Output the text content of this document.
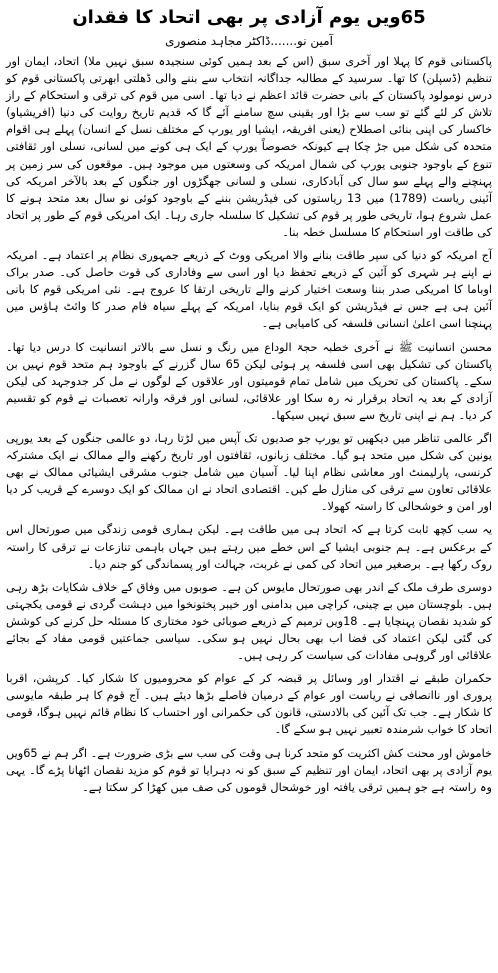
65ویں یوم آزادی پر بھی اتحاد کا فقدان
آمین نو.......ڈاکٹر مجاہد منصوری

پاکستانی قوم کا پہلا اور آخری سبق (اس کے بعد ہمیں کوئی سنجیدہ سبق نہیں ملا) اتحاد، ایمان اور تنظیم (ڈسپلن) کا تھا۔ سرسید کے مطالبہ جداگانہ انتخاب سے بننے والی ڈھلتی ابھرتی پاکستانی قوم کو درس نومولود پاکستان کے بانی حضرت قائد اعظم نے دیا تھا۔ اسی میں قوم کی ترقی و استحکام کے راز تلاش کر لئے گئے تو سب سے بڑا اور یقینی سچ سامنے آئے گا کہ قدیم تاریخ روایت کی دنیا (افریشیاو) خاکسار کی اپنی بنائی اصطلاح (یعنی افریقہ، ایشیا اور یورپ کے مختلف نسل کے انسان) پہلے ہی اقوام متحدہ کی شکل میں جڑ چکا ہے کیونکہ خصوصاً یورپ کے ایک ہی کونے میں لسانی، نسلی اور ثقافتی تنوع کے باوجود جنوبی یورپ کی شمال امریکہ کی وسعتوں میں موجود ہیں۔ موقعوں کی سر زمین پر پہنچنے والے پہلے سو سال کی آبادکاری، نسلی و لسانی جھگڑوں اور جنگوں کے بعد بالآخر امریکہ کی آئینی ریاست (1789) میں 13 ریاستوں کی فیڈریشن بننے کے باوجود کوئی نو سال بعد متحد ہونے کا عمل شروع ہوا، تاریخی طور پر قوم کی تشکیل کا سلسلہ جاری رہا۔ ایک امریکی قوم کے طور پر اتحاد کی طاقت اور استحکام کا مسلسل خطہ بنا۔

آج امریکہ کو دنیا کی سپر طاقت بنانے والا امریکی ووٹ کے ذریعے جمہوری نظام پر اعتماد ہے۔ امریکہ نے اپنے ہر شہری کو آئین کے ذریعے تحفظ دیا اور اسی سے وفاداری کی قوت حاصل کی۔ صدر براک اوباما کا امریکی صدر بننا وسعت اختیار کرنے والے تاریخی ارتقا کا عروج ہے۔ نئی امریکی قوم کا بانی آئین ہی ہے جس نے فیڈریشن کو ایک قوم بنایا، امریکہ کے پہلے سیاہ فام صدر کا وائٹ ہاؤس میں پہنچنا اسی اعلیٰ انسانی فلسفہ کی کامیابی ہے۔

محسن انسانیت ﷺ نے آخری خطبہ حجۃ الوداع میں رنگ و نسل سے بالاتر انسانیت کا درس دیا تھا۔ پاکستان کی تشکیل بھی اسی فلسفہ پر ہوئی لیکن 65 سال گزرنے کے باوجود ہم متحد قوم نہیں بن سکے۔ پاکستان کی تحریک میں شامل تمام قومیتوں اور علاقوں کے لوگوں نے مل کر جدوجہد کی لیکن آزادی کے بعد یہ اتحاد برقرار نہ رہ سکا اور علاقائی، لسانی اور فرقہ وارانہ تعصبات نے قوم کو تقسیم کر دیا۔ ہم نے اپنی تاریخ سے سبق نہیں سیکھا۔

اگر عالمی تناظر میں دیکھیں تو یورپ جو صدیوں تک آپس میں لڑتا رہا، دو عالمی جنگوں کے بعد یورپی یونین کی شکل میں متحد ہو گیا۔ مختلف زبانوں، ثقافتوں اور تاریخ رکھنے والے ممالک نے ایک مشترکہ کرنسی، پارلیمنٹ اور معاشی نظام اپنا لیا۔ آسیان میں شامل جنوب مشرقی ایشیائی ممالک نے بھی علاقائی تعاون سے ترقی کی منازل طے کیں۔ اقتصادی اتحاد نے ان ممالک کو ایک دوسرے کے قریب کر دیا اور امن و خوشحالی کا راستہ کھولا۔

یہ سب کچھ ثابت کرتا ہے کہ اتحاد ہی میں طاقت ہے۔ لیکن ہماری قومی زندگی میں صورتحال اس کے برعکس ہے۔ ہم جنوبی ایشیا کے اس خطے میں رہتے ہیں جہاں باہمی تنازعات نے ترقی کا راستہ روک رکھا ہے۔ برصغیر میں اتحاد کی کمی نے غربت، جہالت اور پسماندگی کو جنم دیا۔

دوسری طرف ملک کے اندر بھی صورتحال مایوس کن ہے۔ صوبوں میں وفاق کے خلاف شکایات بڑھ رہی ہیں۔ بلوچستان میں بے چینی، کراچی میں بدامنی اور خیبر پختونخوا میں دہشت گردی نے قومی یکجہتی کو شدید نقصان پہنچایا ہے۔ 18ویں ترمیم کے ذریعے صوبائی خود مختاری کا مسئلہ حل کرنے کی کوشش کی گئی لیکن اعتماد کی فضا اب بھی بحال نہیں ہو سکی۔ سیاسی جماعتیں قومی مفاد کے بجائے علاقائی اور گروہی مفادات کی سیاست کر رہی ہیں۔

حکمران طبقے نے اقتدار اور وسائل پر قبضہ کر کے عوام کو محرومیوں کا شکار کیا۔ کرپشن، اقربا پروری اور ناانصافی نے ریاست اور عوام کے درمیان فاصلے بڑھا دیئے ہیں۔ آج قوم کا ہر طبقہ مایوسی کا شکار ہے۔ جب تک آئین کی بالادستی، قانون کی حکمرانی اور احتساب کا نظام قائم نہیں ہوگا، قومی اتحاد کا خواب شرمندہ تعبیر نہیں ہو سکے گا۔

خاموش اور محنت کش اکثریت کو متحد کرنا ہی وقت کی سب سے بڑی ضرورت ہے۔ اگر ہم نے 65ویں یوم آزادی پر بھی اتحاد، ایمان اور تنظیم کے سبق کو نہ دہرایا تو قوم کو مزید نقصان اٹھانا پڑے گا۔ یہی وہ راستہ ہے جو ہمیں ترقی یافتہ اور خوشحال قوموں کی صف میں کھڑا کر سکتا ہے۔
